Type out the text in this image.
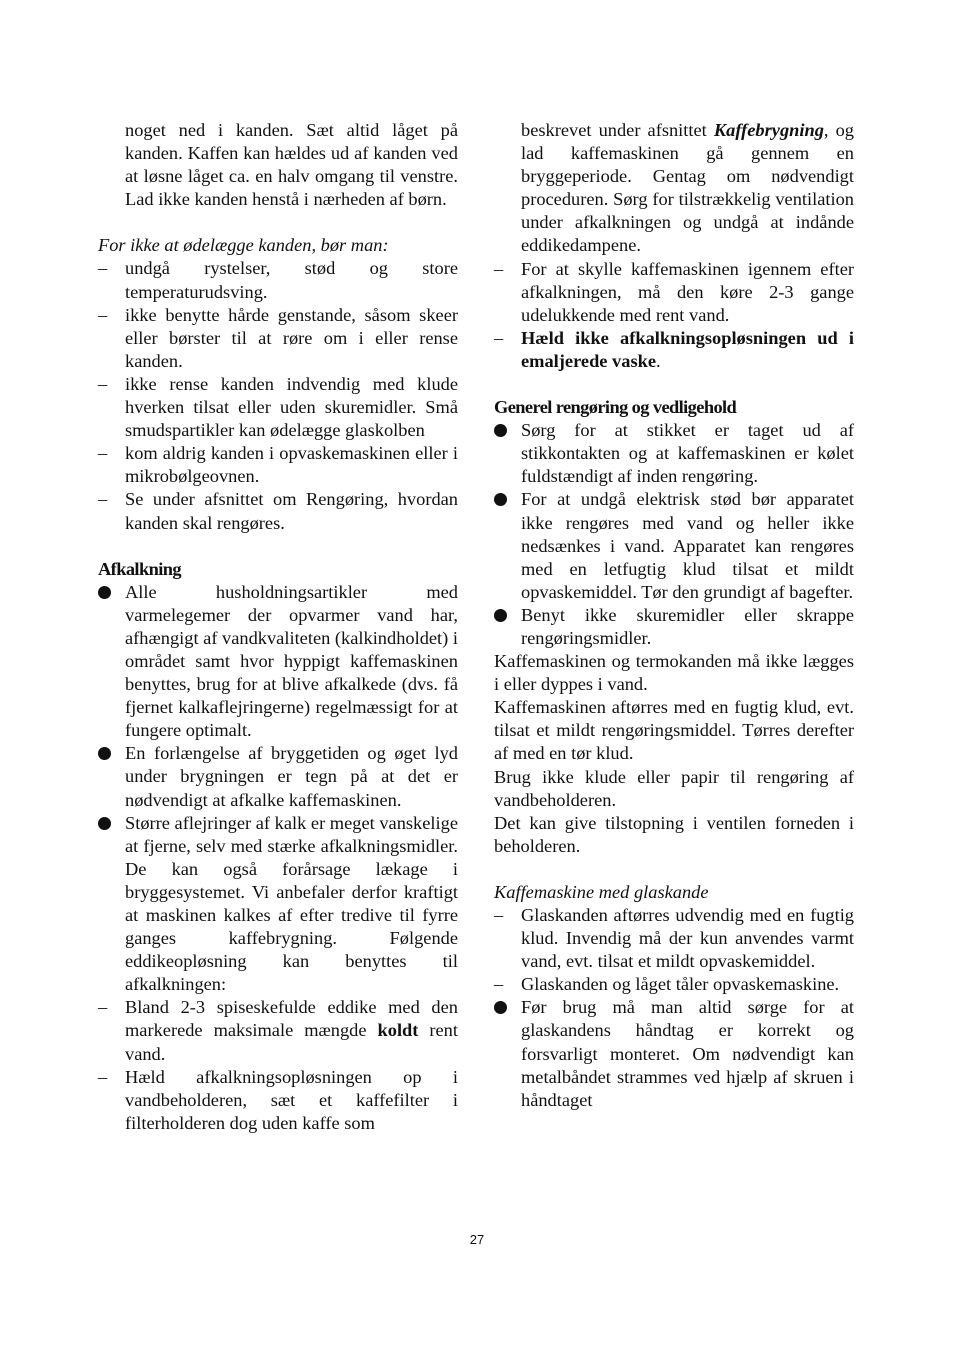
noget ned i kanden. Sæt altid låget på kanden. Kaffen kan hældes ud af kanden ved at løsne låget ca. en halv omgang til venstre. Lad ikke kanden henstå i nærheden af børn.
For ikke at ødelægge kanden, bør man:
– undgå rystelser, stød og store temperaturudsving.
– ikke benytte hårde genstande, såsom skeer eller børster til at røre om i eller rense kanden.
– ikke rense kanden indvendig med klude hverken tilsat eller uden skuremidler. Små smudspartikler kan ødelægge glaskolben
– kom aldrig kanden i opvaskemaskinen eller i mikrobølgeovnen.
– Se under afsnittet om Rengøring, hvordan kanden skal rengøres.
Afkalkning
Alle husholdningsartikler med varmelegemer der opvarmer vand har, afhængigt af vandkvaliteten (kalkindholdet) i området samt hvor hyppigt kaffemaskinen benyttes, brug for at blive afkalkede (dvs. få fjernet kalkaflejringerne) regelmæssigt for at fungere optimalt.
En forlængelse af bryggetiden og øget lyd under brygningen er tegn på at det er nødvendigt at afkalke kaffemaskinen.
Større aflejringer af kalk er meget vanskelige at fjerne, selv med stærke afkalkningsmidler. De kan også forårsage lækage i bryggesystemet. Vi anbefaler derfor kraftigt at maskinen kalkes af efter tredive til fyrre ganges kaffebrygning. Følgende eddikeopløsning kan benyttes til afkalkningen:
– Bland 2-3 spiseskefulde eddike med den markerede maksimale mængde koldt rent vand.
– Hæld afkalkningsopløsningen op i vandbeholderen, sæt et kaffefilter i filterholderen dog uden kaffe som
beskrevet under afsnittet Kaffebrygning, og lad kaffemaskinen gå gennem en bryggeperiode. Gentag om nødvendigt proceduren. Sørg for tilstrækkelig ventilation under afkalkningen og undgå at indånde eddikedampene.
– For at skylle kaffemaskinen igennem efter afkalkningen, må den køre 2-3 gange udelukkende med rent vand.
– Hæld ikke afkalkningsopløsningen ud i emaljerede vaske.
Generel rengøring og vedligehold
Sørg for at stikket er taget ud af stikkontakten og at kaffemaskinen er kølet fuldstændigt af inden rengøring.
For at undgå elektrisk stød bør apparatet ikke rengøres med vand og heller ikke nedsænkes i vand. Apparatet kan rengøres med en letfugtig klud tilsat et mildt opvaskemiddel. Tør den grundigt af bagefter.
Benyt ikke skuremidler eller skrappe rengøringsmidler.
Kaffemaskinen og termokanden må ikke lægges i eller dyppes i vand.
Kaffemaskinen aftørres med en fugtig klud, evt. tilsat et mildt rengøringsmiddel. Tørres derefter af med en tør klud.
Brug ikke klude eller papir til rengøring af vandbeholderen.
Det kan give tilstopning i ventilen forneden i beholderen.
Kaffemaskine med glaskande
– Glaskanden aftørres udvendig med en fugtig klud. Invendig må der kun anvendes varmt vand, evt. tilsat et mildt opvaskemiddel.
– Glaskanden og låget tåler opvaskemaskine.
Før brug må man altid sørge for at glaskandens håndtag er korrekt og forsvarligt monteret. Om nødvendigt kan metalbåndet strammes ved hjælp af skruen i håndtaget
27
